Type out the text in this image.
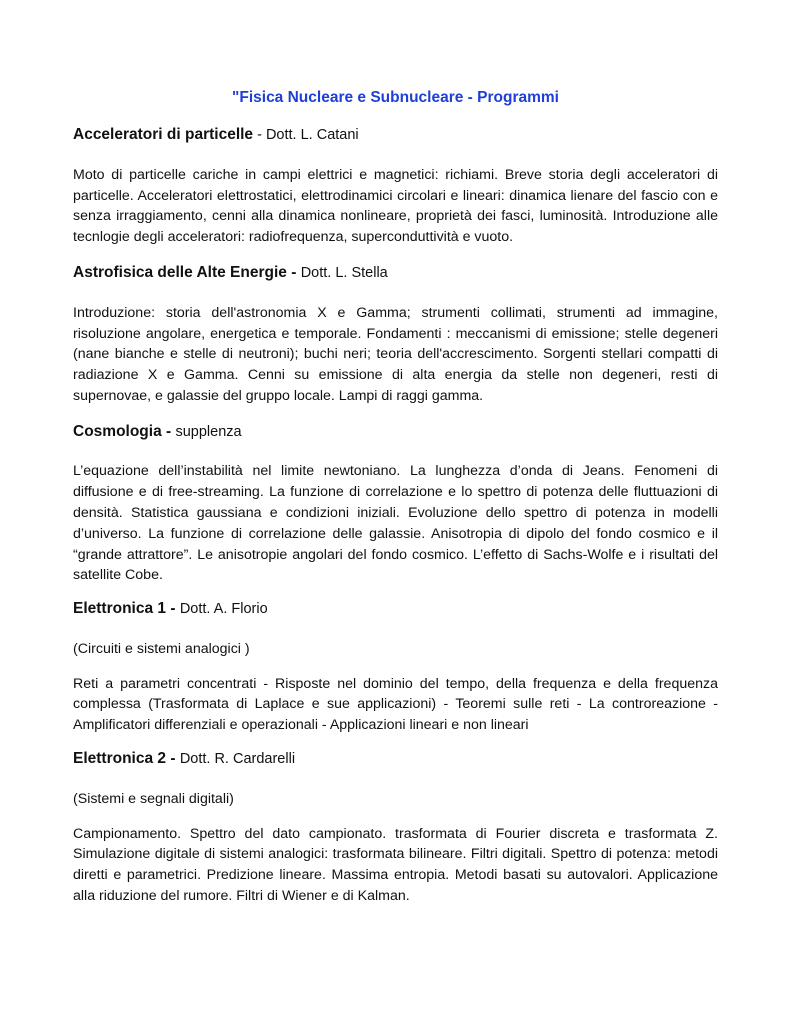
"Fisica Nucleare e Subnucleare - Programmi
Acceleratori di particelle - Dott. L. Catani

Moto di particelle cariche in campi elettrici e magnetici: richiami. Breve storia degli acceleratori di particelle. Acceleratori elettrostatici, elettrodinamici circolari e lineari: dinamica lienare del fascio con e senza irraggiamento, cenni alla dinamica nonlineare, proprietà dei fasci, luminosità. Introduzione alle tecnlogie degli acceleratori: radiofrequenza, superconduttività e vuoto.

Astrofisica delle Alte Energie - Dott. L. Stella

Introduzione: storia dell'astronomia X e Gamma; strumenti collimati, strumenti ad immagine, risoluzione angolare, energetica e temporale. Fondamenti : meccanismi di emissione; stelle degeneri (nane bianche e stelle di neutroni); buchi neri; teoria dell'accrescimento. Sorgenti stellari compatti di radiazione X e Gamma. Cenni su emissione di alta energia da stelle non degeneri, resti di supernovae, e galassie del gruppo locale. Lampi di raggi gamma.

Cosmologia - supplenza

L’equazione dell’instabilità nel limite newtoniano. La lunghezza d’onda di Jeans. Fenomeni di diffusione e di free-streaming. La funzione di correlazione e lo spettro di potenza delle fluttuazioni di densità. Statistica gaussiana e condizioni iniziali. Evoluzione dello spettro di potenza in modelli d’universo. La funzione di correlazione delle galassie. Anisotropia di dipolo del fondo cosmico e il “grande attrattore”. Le anisotropie angolari del fondo cosmico. L’effetto di Sachs-Wolfe e i risultati del satellite Cobe.

Elettronica 1 - Dott. A. Florio

(Circuiti e sistemi analogici )

Reti a parametri concentrati - Risposte nel dominio del tempo, della frequenza e della frequenza complessa (Trasformata di Laplace e sue applicazioni) - Teoremi sulle reti - La controreazione - Amplificatori differenziali e operazionali - Applicazioni lineari e non lineari

Elettronica 2 - Dott. R. Cardarelli

(Sistemi e segnali digitali)

Campionamento. Spettro del dato campionato. trasformata di Fourier discreta e trasformata Z. Simulazione digitale di sistemi analogici: trasformata bilineare. Filtri digitali. Spettro di potenza: metodi diretti e parametrici. Predizione lineare. Massima entropia. Metodi basati su autovalori. Applicazione alla riduzione del rumore. Filtri di Wiener e di Kalman.
